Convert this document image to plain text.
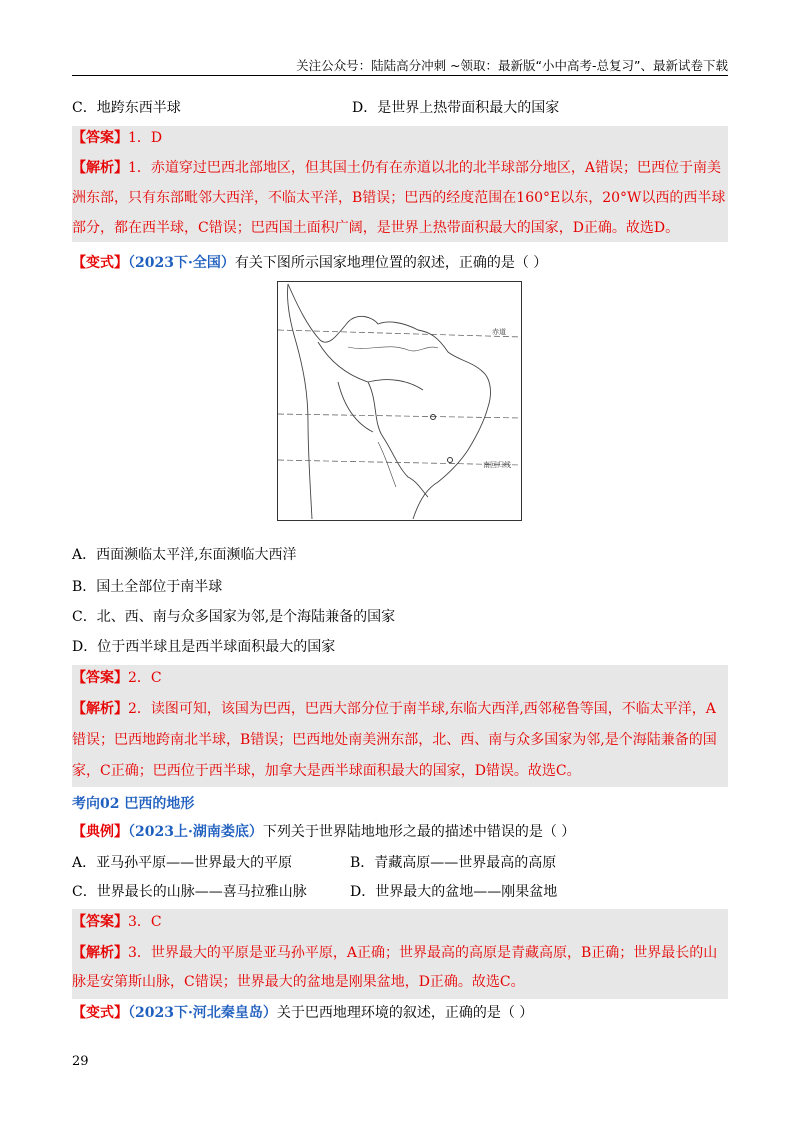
关注公众号：陆陆高分冲刺 ~领取：最新版“小中高考-总复习”、最新试卷下载
C．地跨东西半球	D．是世界上热带面积最大的国家
【答案】1．D
【解析】1．赤道穿过巴西北部地区，但其国土仍有在赤道以北的北半球部分地区，A错误；巴西位于南美
洲东部，只有东部毗邻大西洋，不临太平洋，B错误；巴西的经度范围在160°E以东，20°W以西的西半球
部分，都在西半球，C错误；巴西国土面积广阔，是世界上热带面积最大的国家，D正确。故选D。
【变式】（2023下·全国）有关下图所示国家地理位置的叙述，正确的是（ ）
赤道
南回归线
A．西面濒临太平洋,东面濒临大西洋
B．国土全部位于南半球
C．北、西、南与众多国家为邻,是个海陆兼备的国家
D．位于西半球且是西半球面积最大的国家
【答案】2．C
【解析】2．读图可知，该国为巴西，巴西大部分位于南半球,东临大西洋,西邻秘鲁等国，不临太平洋，A
错误；巴西地跨南北半球，B错误；巴西地处南美洲东部，北、西、南与众多国家为邻,是个海陆兼备的国
家，C正确；巴西位于西半球，加拿大是西半球面积最大的国家，D错误。故选C。
考向02 巴西的地形
【典例】（2023上·湖南娄底）下列关于世界陆地地形之最的描述中错误的是（ ）
A．亚马孙平原——世界最大的平原	B．青藏高原——世界最高的高原
C．世界最长的山脉——喜马拉雅山脉	D．世界最大的盆地——刚果盆地
【答案】3．C
【解析】3．世界最大的平原是亚马孙平原，A正确；世界最高的高原是青藏高原，B正确；世界最长的山
脉是安第斯山脉，C错误；世界最大的盆地是刚果盆地，D正确。故选C。
【变式】（2023下·河北秦皇岛）关于巴西地理环境的叙述，正确的是（ ）
29
